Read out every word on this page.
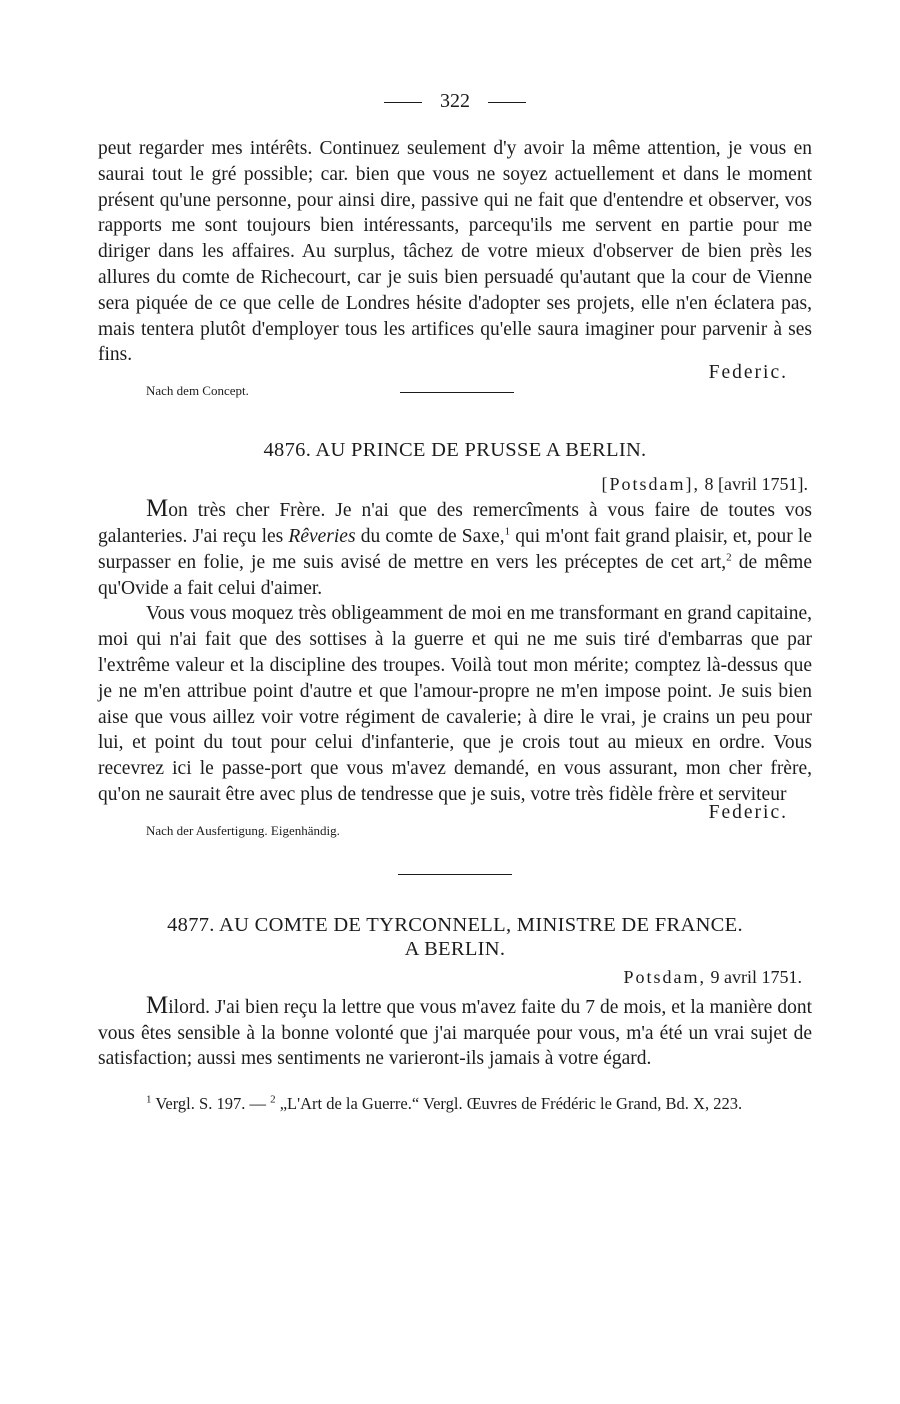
322

peut regarder mes intérêts. Continuez seulement d'y avoir la même attention, je vous en saurai tout le gré possible; car. bien que vous ne soyez actuellement et dans le moment présent qu'une personne, pour ainsi dire, passive qui ne fait que d'entendre et observer, vos rapports me sont toujours bien intéressants, parcequ'ils me servent en partie pour me diriger dans les affaires. Au surplus, tâchez de votre mieux d'observer de bien près les allures du comte de Richecourt, car je suis bien persuadé qu'autant que la cour de Vienne sera piquée de ce que celle de Londres hésite d'adopter ses projets, elle n'en éclatera pas, mais tentera plutôt d'employer tous les artifices qu'elle saura imaginer pour parvenir à ses fins.

Federic.
Nach dem Concept.
4876. AU PRINCE DE PRUSSE A BERLIN.
[Potsdam], 8 [avril 1751].

Mon très cher Frère. Je n'ai que des remercîments à vous faire de toutes vos galanteries. J'ai reçu les Rêveries du comte de Saxe,$^1$ qui m'ont fait grand plaisir, et, pour le surpasser en folie, je me suis avisé de mettre en vers les préceptes de cet art,$^2$ de même qu'Ovide a fait celui d'aimer.

Vous vous moquez très obligeamment de moi en me transformant en grand capitaine, moi qui n'ai fait que des sottises à la guerre et qui ne me suis tiré d'embarras que par l'extrême valeur et la discipline des troupes. Voilà tout mon mérite; comptez là-dessus que je ne m'en attribue point d'autre et que l'amour-propre ne m'en impose point. Je suis bien aise que vous aillez voir votre régiment de cavalerie; à dire le vrai, je crains un peu pour lui, et point du tout pour celui d'infanterie, que je crois tout au mieux en ordre. Vous recevrez ici le passe-port que vous m'avez demandé, en vous assurant, mon cher frère, qu'on ne saurait être avec plus de tendresse que je suis, votre très fidèle frère et serviteur

Federic.
Nach der Ausfertigung. Eigenhändig.
4877. AU COMTE DE TYRCONNELL, MINISTRE DE FRANCE.
A BERLIN.
Potsdam, 9 avril 1751.

Milord. J'ai bien reçu la lettre que vous m'avez faite du 7 de mois, et la manière dont vous êtes sensible à la bonne volonté que j'ai marquée pour vous, m'a été un vrai sujet de satisfaction; aussi mes sentiments ne varieront-ils jamais à votre égard.

$^1$ Vergl. S. 197. — $^2$ „L'Art de la Guerre.“ Vergl. Œuvres de Frédéric le Grand, Bd. X, 223.
